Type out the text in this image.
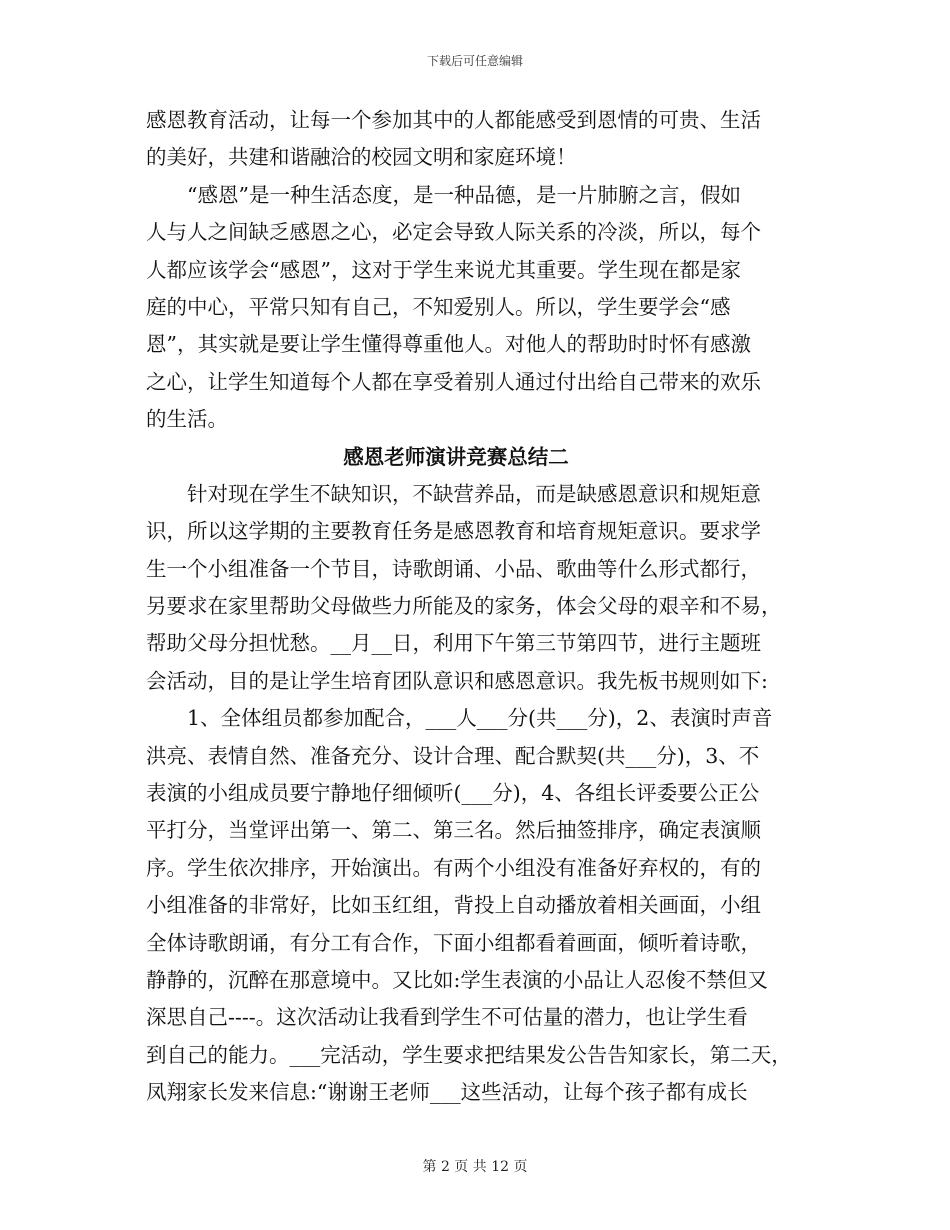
下载后可任意编辑
感恩教育活动，让每一个参加其中的人都能感受到恩情的可贵、生活
的美好，共建和谐融洽的校园文明和家庭环境！
“感恩”是一种生活态度，是一种品德，是一片肺腑之言，假如
人与人之间缺乏感恩之心，必定会导致人际关系的冷淡，所以，每个
人都应该学会“感恩”，这对于学生来说尤其重要。学生现在都是家
庭的中心，平常只知有自己，不知爱别人。所以，学生要学会“感
恩”，其实就是要让学生懂得尊重他人。对他人的帮助时时怀有感激
之心，让学生知道每个人都在享受着别人通过付出给自己带来的欢乐
的生活。
感恩老师演讲竞赛总结二
针对现在学生不缺知识，不缺营养品，而是缺感恩意识和规矩意
识，所以这学期的主要教育任务是感恩教育和培育规矩意识。要求学
生一个小组准备一个节目，诗歌朗诵、小品、歌曲等什么形式都行，
另要求在家里帮助父母做些力所能及的家务，体会父母的艰辛和不易，
帮助父母分担忧愁。__月__日，利用下午第三节第四节，进行主题班
会活动，目的是让学生培育团队意识和感恩意识。我先板书规则如下:
1、全体组员都参加配合，___人___分(共___分)，2、表演时声音
洪亮、表情自然、准备充分、设计合理、配合默契(共___分)，3、不
表演的小组成员要宁静地仔细倾听(___分)，4、各组长评委要公正公
平打分，当堂评出第一、第二、第三名。然后抽签排序，确定表演顺
序。学生依次排序，开始演出。有两个小组没有准备好弃权的，有的
小组准备的非常好，比如玉红组，背投上自动播放着相关画面，小组
全体诗歌朗诵，有分工有合作，下面小组都看着画面，倾听着诗歌，
静静的，沉醉在那意境中。又比如:学生表演的小品让人忍俊不禁但又
深思自己----。这次活动让我看到学生不可估量的潜力，也让学生看
到自己的能力。___完活动，学生要求把结果发公告告知家长，第二天，
凤翔家长发来信息:“谢谢王老师___这些活动，让每个孩子都有成长
第 2 页 共 12 页
